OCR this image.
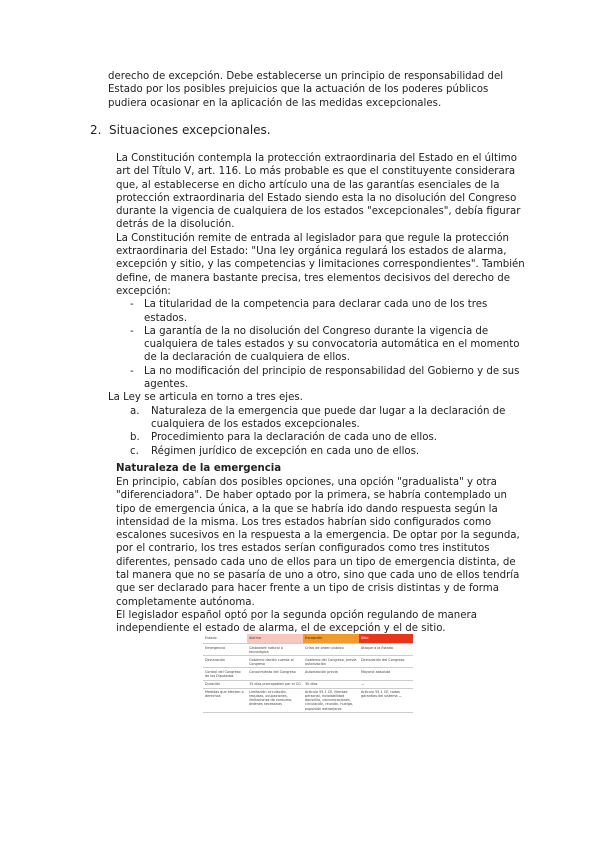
derecho de excepción. Debe establecerse un principio de responsabilidad del Estado por los posibles prejuicios que la actuación de los poderes públicos pudiera ocasionar en la aplicación de las medidas excepcionales.
2. Situaciones excepcionales.

La Constitución contempla la protección extraordinaria del Estado en el último art del Título V, art. 116. Lo más probable es que el constituyente considerara que, al establecerse en dicho artículo una de las garantías esenciales de la protección extraordinaria del Estado siendo esta la no disolución del Congreso durante la vigencia de cualquiera de los estados "excepcionales", debía figurar detrás de la disolución.

La Constitución remite de entrada al legislador para que regule la protección extraordinaria del Estado: "Una ley orgánica regulará los estados de alarma, excepción y sitio, y las competencias y limitaciones correspondientes". También define, de manera bastante precisa, tres elementos decisivos del derecho de excepción:

- La titularidad de la competencia para declarar cada uno de los tres estados.
- La garantía de la no disolución del Congreso durante la vigencia de cualquiera de tales estados y su convocatoria automática en el momento de la declaración de cualquiera de ellos.
- La no modificación del principio de responsabilidad del Gobierno y de sus agentes.

La Ley se articula en torno a tres ejes.

a. Naturaleza de la emergencia que puede dar lugar a la declaración de cualquiera de los estados excepcionales.
b. Procedimiento para la declaración de cada uno de ellos.
c. Régimen jurídico de excepción en cada uno de ellos.
Naturaleza de la emergencia

En principio, cabían dos posibles opciones, una opción "gradualista" y otra "diferenciadora". De haber optado por la primera, se habría contemplado un tipo de emergencia única, a la que se habría ido dando respuesta según la intensidad de la misma. Los tres estados habrían sido configurados como escalones sucesivos en la respuesta a la emergencia. De optar por la segunda, por el contrario, los tres estados serían configurados como tres institutos diferentes, pensado cada uno de ellos para un tipo de emergencia distinta, de tal manera que no se pasaría de uno a otro, sino que cada uno de ellos tendría que ser declarado para hacer frente a un tipo de crisis distintas y de forma completamente autónoma.

El legislador español optó por la segunda opción regulando de manera independiente el estado de alarma, el de excepción y el de sitio.

Estado	Alarma	Excepción	Sitio
Emergencia	Catástrofe natural o tecnológica	Crisis de orden público	Ataque a la Estado
Declaración	Gobierno dación cuenta al Congreso	Gobierno del Congreso, previa autorización	Declaración del Congreso
Control del Congreso de los Diputados	Conocimiento del Congreso	Autorización previa	Mayoría absoluta
Duración	15 días prorrogables por el CG	30 días	—
Medidas que afecten a derechos	Limitación circulación, requisas, ocupaciones, limitaciones de consumo, órdenes necesarias	Artículo 55.1 CE, libertad personal, inviolabilidad domicilio, comunicaciones, circulación, reunión, huelga, expulsión extranjeros	Artículo 55.1 CE, todas garantías del sistema —
